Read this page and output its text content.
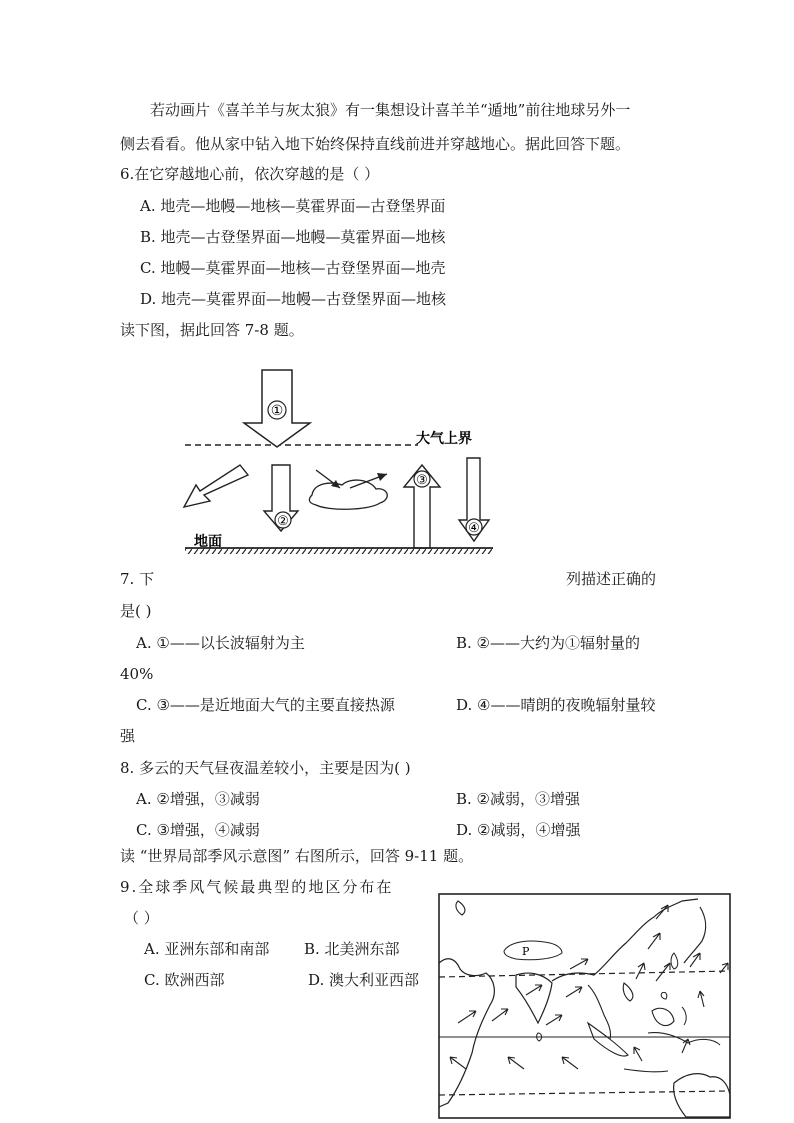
若动画片《喜羊羊与灰太狼》有一集想设计喜羊羊“遁地”前往地球另外一
侧去看看。他从家中钻入地下始终保持直线前进并穿越地心。据此回答下题。
6.在它穿越地心前，依次穿越的是（ ）
A. 地壳—地幔—地核—莫霍界面—古登堡界面
B. 地壳—古登堡界面—地幔—莫霍界面—地核
C. 地幔—莫霍界面—地核—古登堡界面—地壳
D. 地壳—莫霍界面—地幔—古登堡界面—地核
读下图，据此回答 7-8 题。
大气上界
①
②
③
④
地面
7. 下	列描述正确的
是( )
A. ①——以长波辐射为主	B. ②——大约为①辐射量的
40%
C. ③——是近地面大气的主要直接热源	D. ④——晴朗的夜晚辐射量较
强
8. 多云的天气昼夜温差较小，主要是因为( )
A. ②增强，③减弱	B. ②减弱，③增强
C. ③增强，④减弱	D. ②减弱，④增强
读 “世界局部季风示意图” 右图所示，回答 9-11 题。
9.全球季风气候最典型的地区分布在
（ ）
A. 亚洲东部和南部 B. 北美洲东部
C. 欧洲西部	D. 澳大利亚西部
P
